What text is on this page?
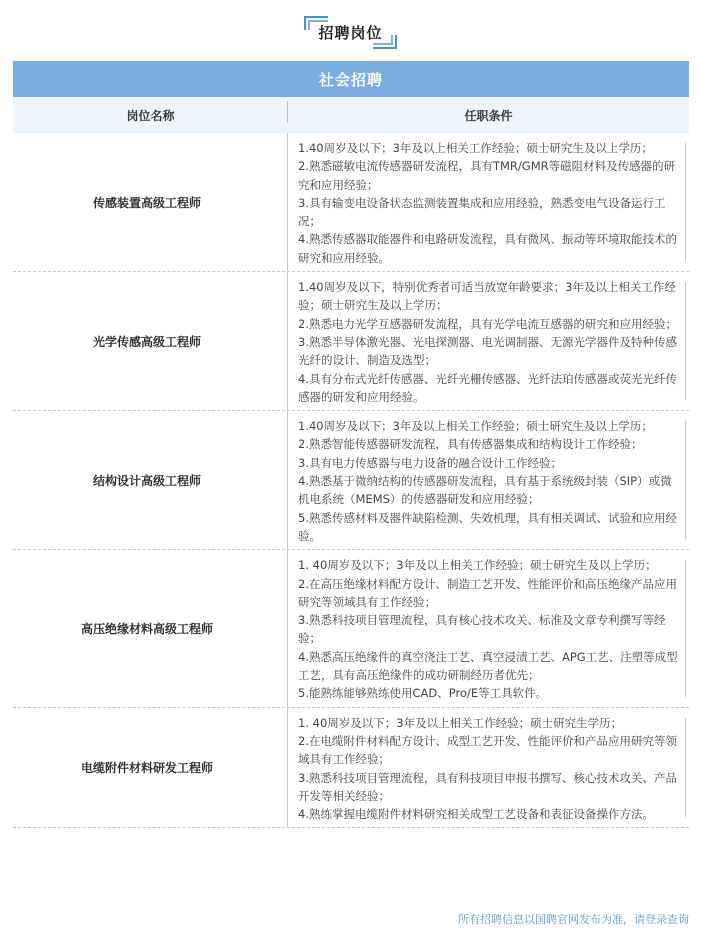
招聘岗位
社会招聘
岗位名称	任职条件
传感装置高级工程师

1.40周岁及以下；3年及以上相关工作经验；硕士研究生及以上学历；

2.熟悉磁敏电流传感器研发流程，具有TMR/GMR等磁阻材料及传感器的研究和应用经验；

3.具有输变电设备状态监测装置集成和应用经验，熟悉变电气设备运行工况；

4.熟悉传感器取能器件和电路研发流程，具有微风、振动等环境取能技术的研究和应用经验。

光学传感高级工程师

1.40周岁及以下，特别优秀者可适当放宽年龄要求；3年及以上相关工作经验；硕士研究生及以上学历；

2.熟悉电力光学互感器研发流程，具有光学电流互感器的研究和应用经验；

3.熟悉半导体激光器、光电探测器、电光调制器、无源光学器件及特种传感光纤的设计、制造及选型；

4.具有分布式光纤传感器、光纤光栅传感器、光纤法珀传感器或荧光光纤传感器的研发和应用经验。

结构设计高级工程师

1.40周岁及以下；3年及以上相关工作经验；硕士研究生及以上学历；

2.熟悉智能传感器研发流程，具有传感器集成和结构设计工作经验；

3.具有电力传感器与电力设备的融合设计工作经验；

4.熟悉基于微纳结构的传感器研发流程，具有基于系统级封装（SIP）或微机电系统（MEMS）的传感器研发和应用经验；

5.熟悉传感材料及器件缺陷检测、失效机理，具有相关调试、试验和应用经验。

高压绝缘材料高级工程师

1. 40周岁及以下；3年及以上相关工作经验；硕士研究生及以上学历；

2.在高压绝缘材料配方设计、制造工艺开发、性能评价和高压绝缘产品应用研究等领域具有工作经验；

3.熟悉科技项目管理流程，具有核心技术攻关、标准及文章专利撰写等经验；

4.熟悉高压绝缘件的真空浇注工艺、真空浸渍工艺、APG工艺、注塑等成型工艺，具有高压绝缘件的成功研制经历者优先；

5.能熟练能够熟练使用CAD、Pro/E等工具软件。

电缆附件材料研发工程师

1. 40周岁及以下；3年及以上相关工作经验；硕士研究生学历；

2.在电缆附件材料配方设计、成型工艺开发、性能评价和产品应用研究等领域具有工作经验；

3.熟悉科技项目管理流程，具有科技项目申报书撰写、核心技术攻关、产品开发等相关经验；

4.熟练掌握电缆附件材料研究相关成型工艺设备和表征设备操作方法。

所有招聘信息以国聘官网发布为准，请登录查询
